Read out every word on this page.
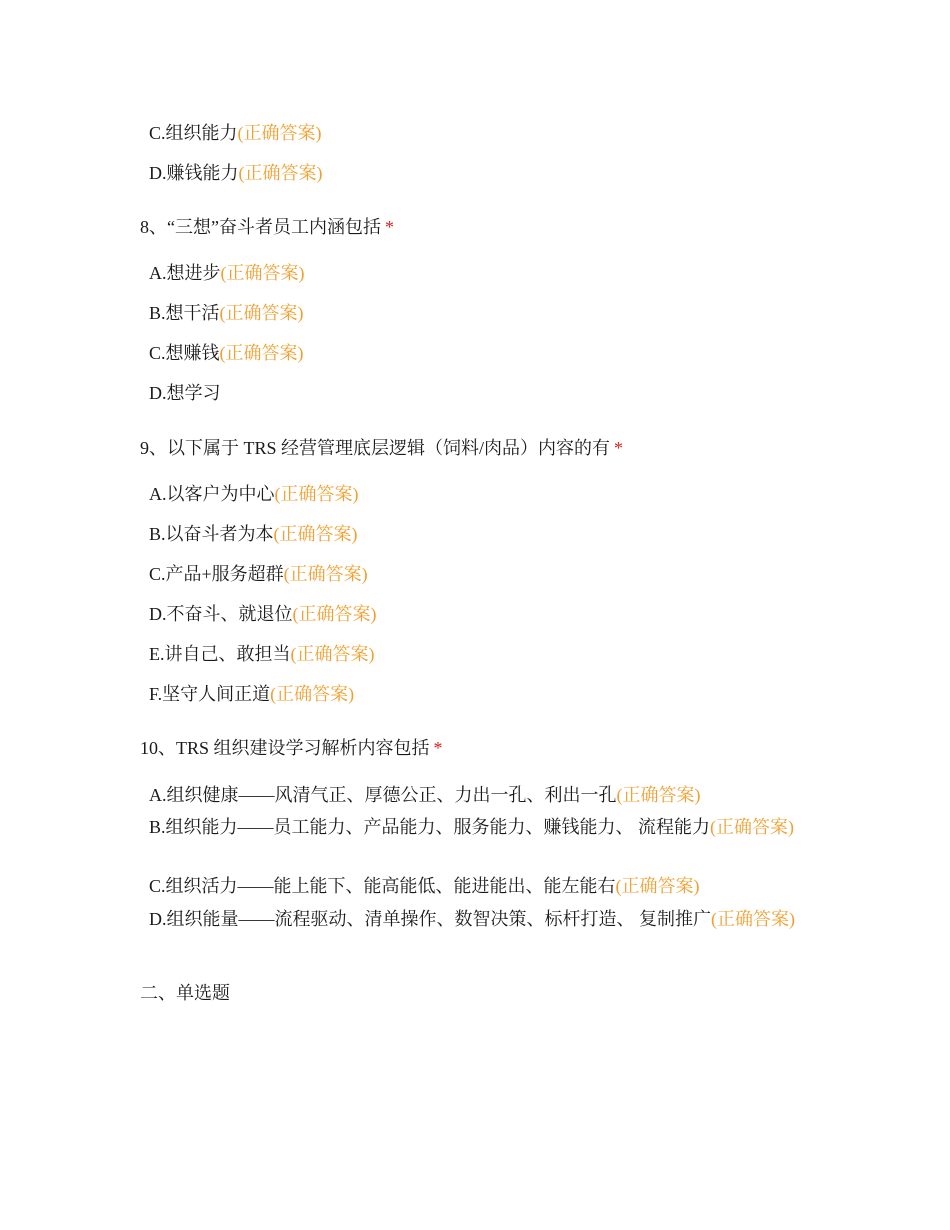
C.组织能力(正确答案)
D.赚钱能力(正确答案)
8、“三想”奋斗者员工内涵包括 *
A.想进步(正确答案)
B.想干活(正确答案)
C.想赚钱(正确答案)
D.想学习
9、以下属于 TRS 经营管理底层逻辑（饲料/肉品）内容的有 *
A.以客户为中心(正确答案)
B.以奋斗者为本(正确答案)
C.产品+服务超群(正确答案)
D.不奋斗、就退位(正确答案)
E.讲自己、敢担当(正确答案)
F.坚守人间正道(正确答案)
10、TRS 组织建设学习解析内容包括 *
A.组织健康——风清气正、厚德公正、力出一孔、利出一孔(正确答案)
B.组织能力——员工能力、产品能力、服务能力、赚钱能力、 流程能力(正确答案)
C.组织活力——能上能下、能高能低、能进能出、能左能右(正确答案)
D.组织能量——流程驱动、清单操作、数智决策、标杆打造、 复制推广(正确答案)
二、单选题
